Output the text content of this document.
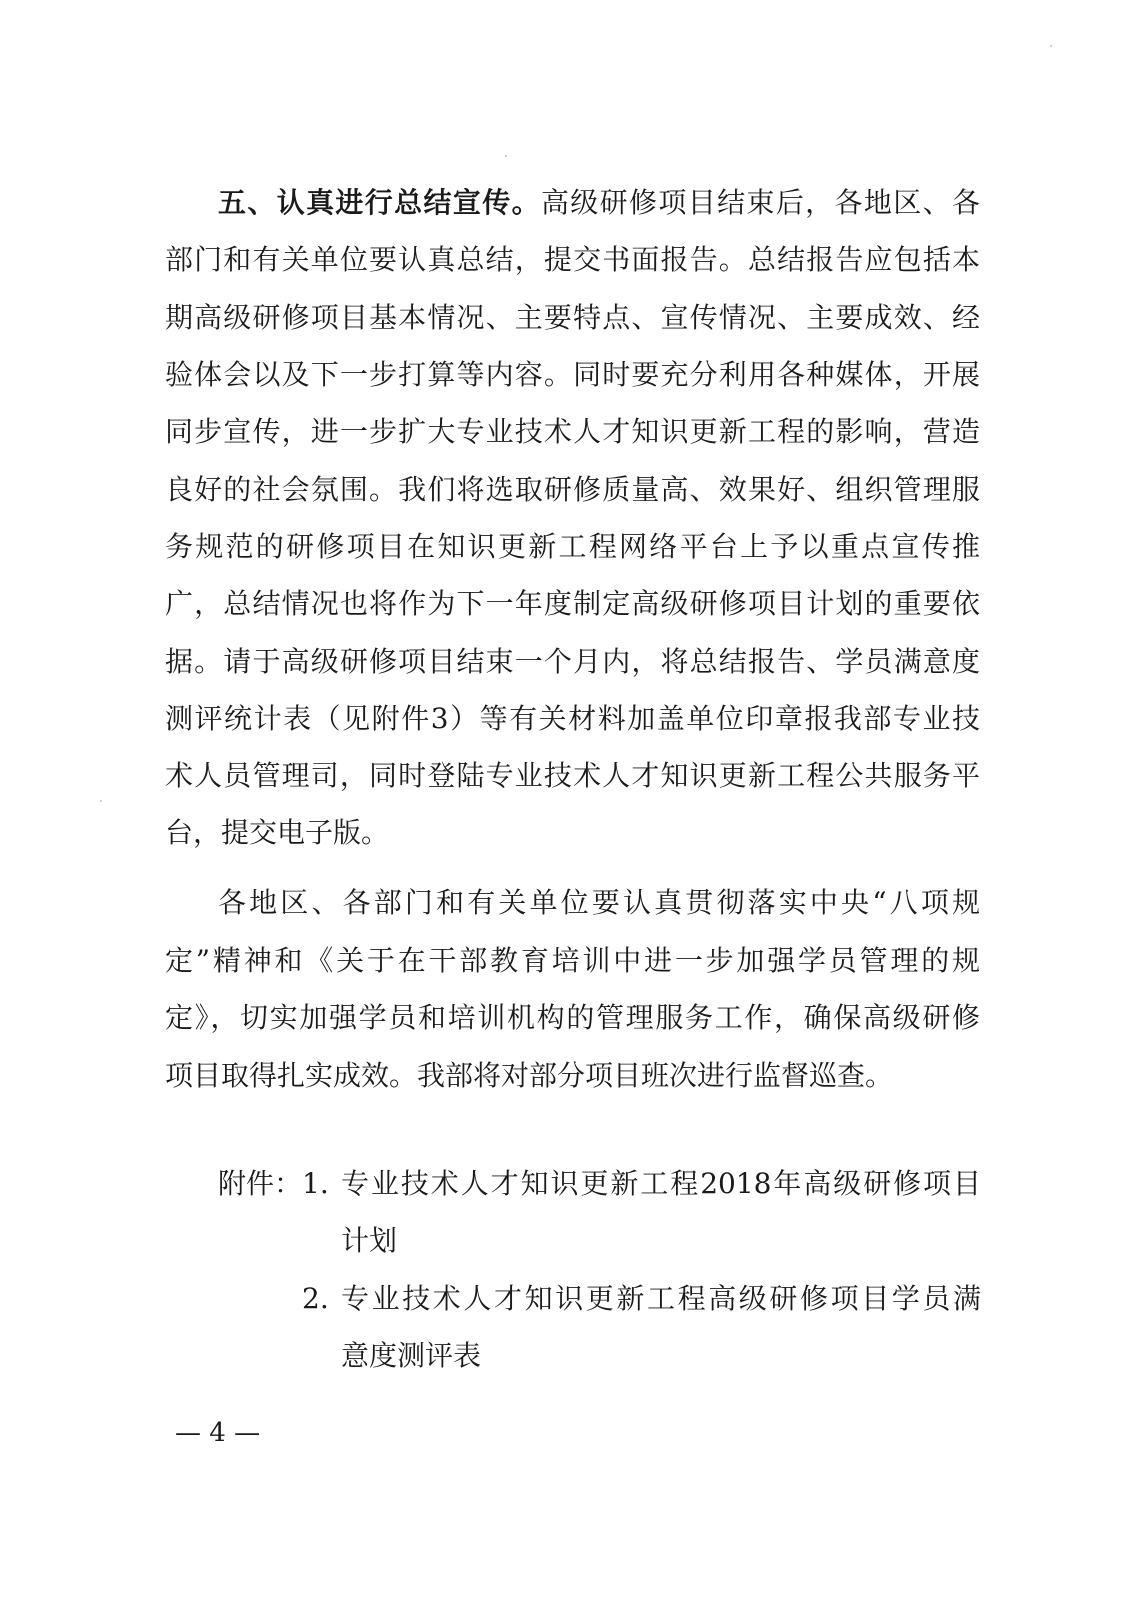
五、认真进行总结宣传。高级研修项目结束后，各地区、各
部门和有关单位要认真总结，提交书面报告。总结报告应包括本
期高级研修项目基本情况、主要特点、宣传情况、主要成效、经
验体会以及下一步打算等内容。同时要充分利用各种媒体，开展
同步宣传，进一步扩大专业技术人才知识更新工程的影响，营造
良好的社会氛围。我们将选取研修质量高、效果好、组织管理服
务规范的研修项目在知识更新工程网络平台上予以重点宣传推
广，总结情况也将作为下一年度制定高级研修项目计划的重要依
据。请于高级研修项目结束一个月内，将总结报告、学员满意度
测评统计表（见附件3）等有关材料加盖单位印章报我部专业技
术人员管理司，同时登陆专业技术人才知识更新工程公共服务平
台，提交电子版。
各地区、各部门和有关单位要认真贯彻落实中央“八项规
定”精神和《关于在干部教育培训中进一步加强学员管理的规
定》，切实加强学员和培训机构的管理服务工作，确保高级研修
项目取得扎实成效。我部将对部分项目班次进行监督巡查。
附件： 1. 专业技术人才知识更新工程2018年高级研修项目
计划
2. 专业技术人才知识更新工程高级研修项目学员满
意度测评表
— 4 —
